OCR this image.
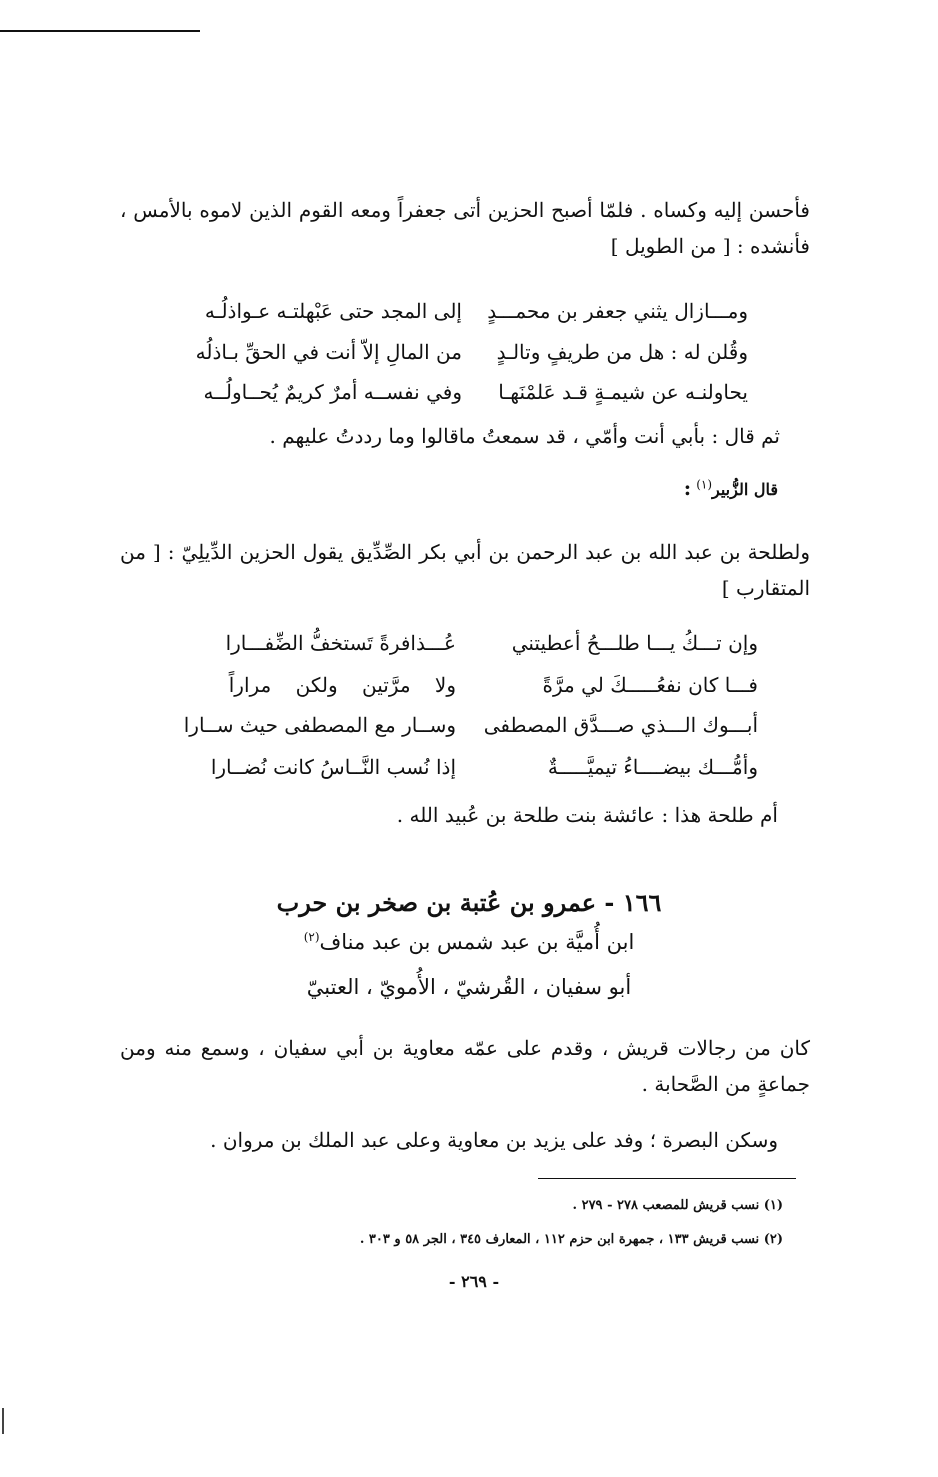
فأحسن إليه وكساه . فلمّا أصبح الحزين أتى جعفراً ومعه القوم الذين لاموه بالأمس ، فأنشده : [ من الطويل ]
ومـــازال يثني جعفر بن محمـــدٍ
إلى المجد حتى عَبْهلتـه عـواذلُـه
وقُلن له : هل من طريفٍ وتالـدٍ
من المالِ إلاّ أنت في الحقِّ بـاذلُه
يحاولنـه عن شيمـةٍ قـد عَلمْنَهـا
وفي نفســه أمرٌ كريمٌ يُحــاولُــه
ثم قال : بأبي أنت وأمّي ، قد سمعتُ ماقالوا وما رددتُ عليهم .
قال الزُّبير$^{(١)}$ :
ولطلحة بن عبد الله بن عبد الرحمن بن أبي بكر الصِّدِّيق يقول الحزين الدِّيلِيّ : [ من المتقارب ]
وإن تـــكُ يـــا طلـــحُ أعطيتني
عُـــذافرةً تَستخفُّ الضِّفـــارا
فـــا كان نفعُـــــكَ لي مرَّةً
ولا مرَّتين ولكن مراراً
أبـــوك الـــذي صـــدَّق المصطفى
وســار مع المصطفى حيث ســارا
وأمُّـــك بيضــــاءُ تيميَّـــــةٌ
إذا نُسب النَّــاسُ كانت نُضــارا
أم طلحة هذا : عائشة بنت طلحة بن عُبيد الله .
١٦٦ - عمرو بن عُتبة بن صخر بن حرب
ابن أُميَّة بن عبد شمس بن عبد مناف$^{(٢)}$
أبو سفيان ، القُرشيّ ، الأُمويّ ، العتبيّ
كان من رجالات قريش ، وقدم على عمّه معاوية بن أبي سفيان ، وسمع منه ومن جماعةٍ من الصَّحابة .
وسكن البصرة ؛ وفد على يزيد بن معاوية وعلى عبد الملك بن مروان .
(١) نسب قريش للمصعب ٢٧٨ - ٢٧٩ .
(٢) نسب قريش ١٣٣ ، جمهرة ابن حزم ١١٢ ، المعارف ٣٤٥ ، الجر ٥٨ و ٣٠٣ .
- ٢٦٩ -
